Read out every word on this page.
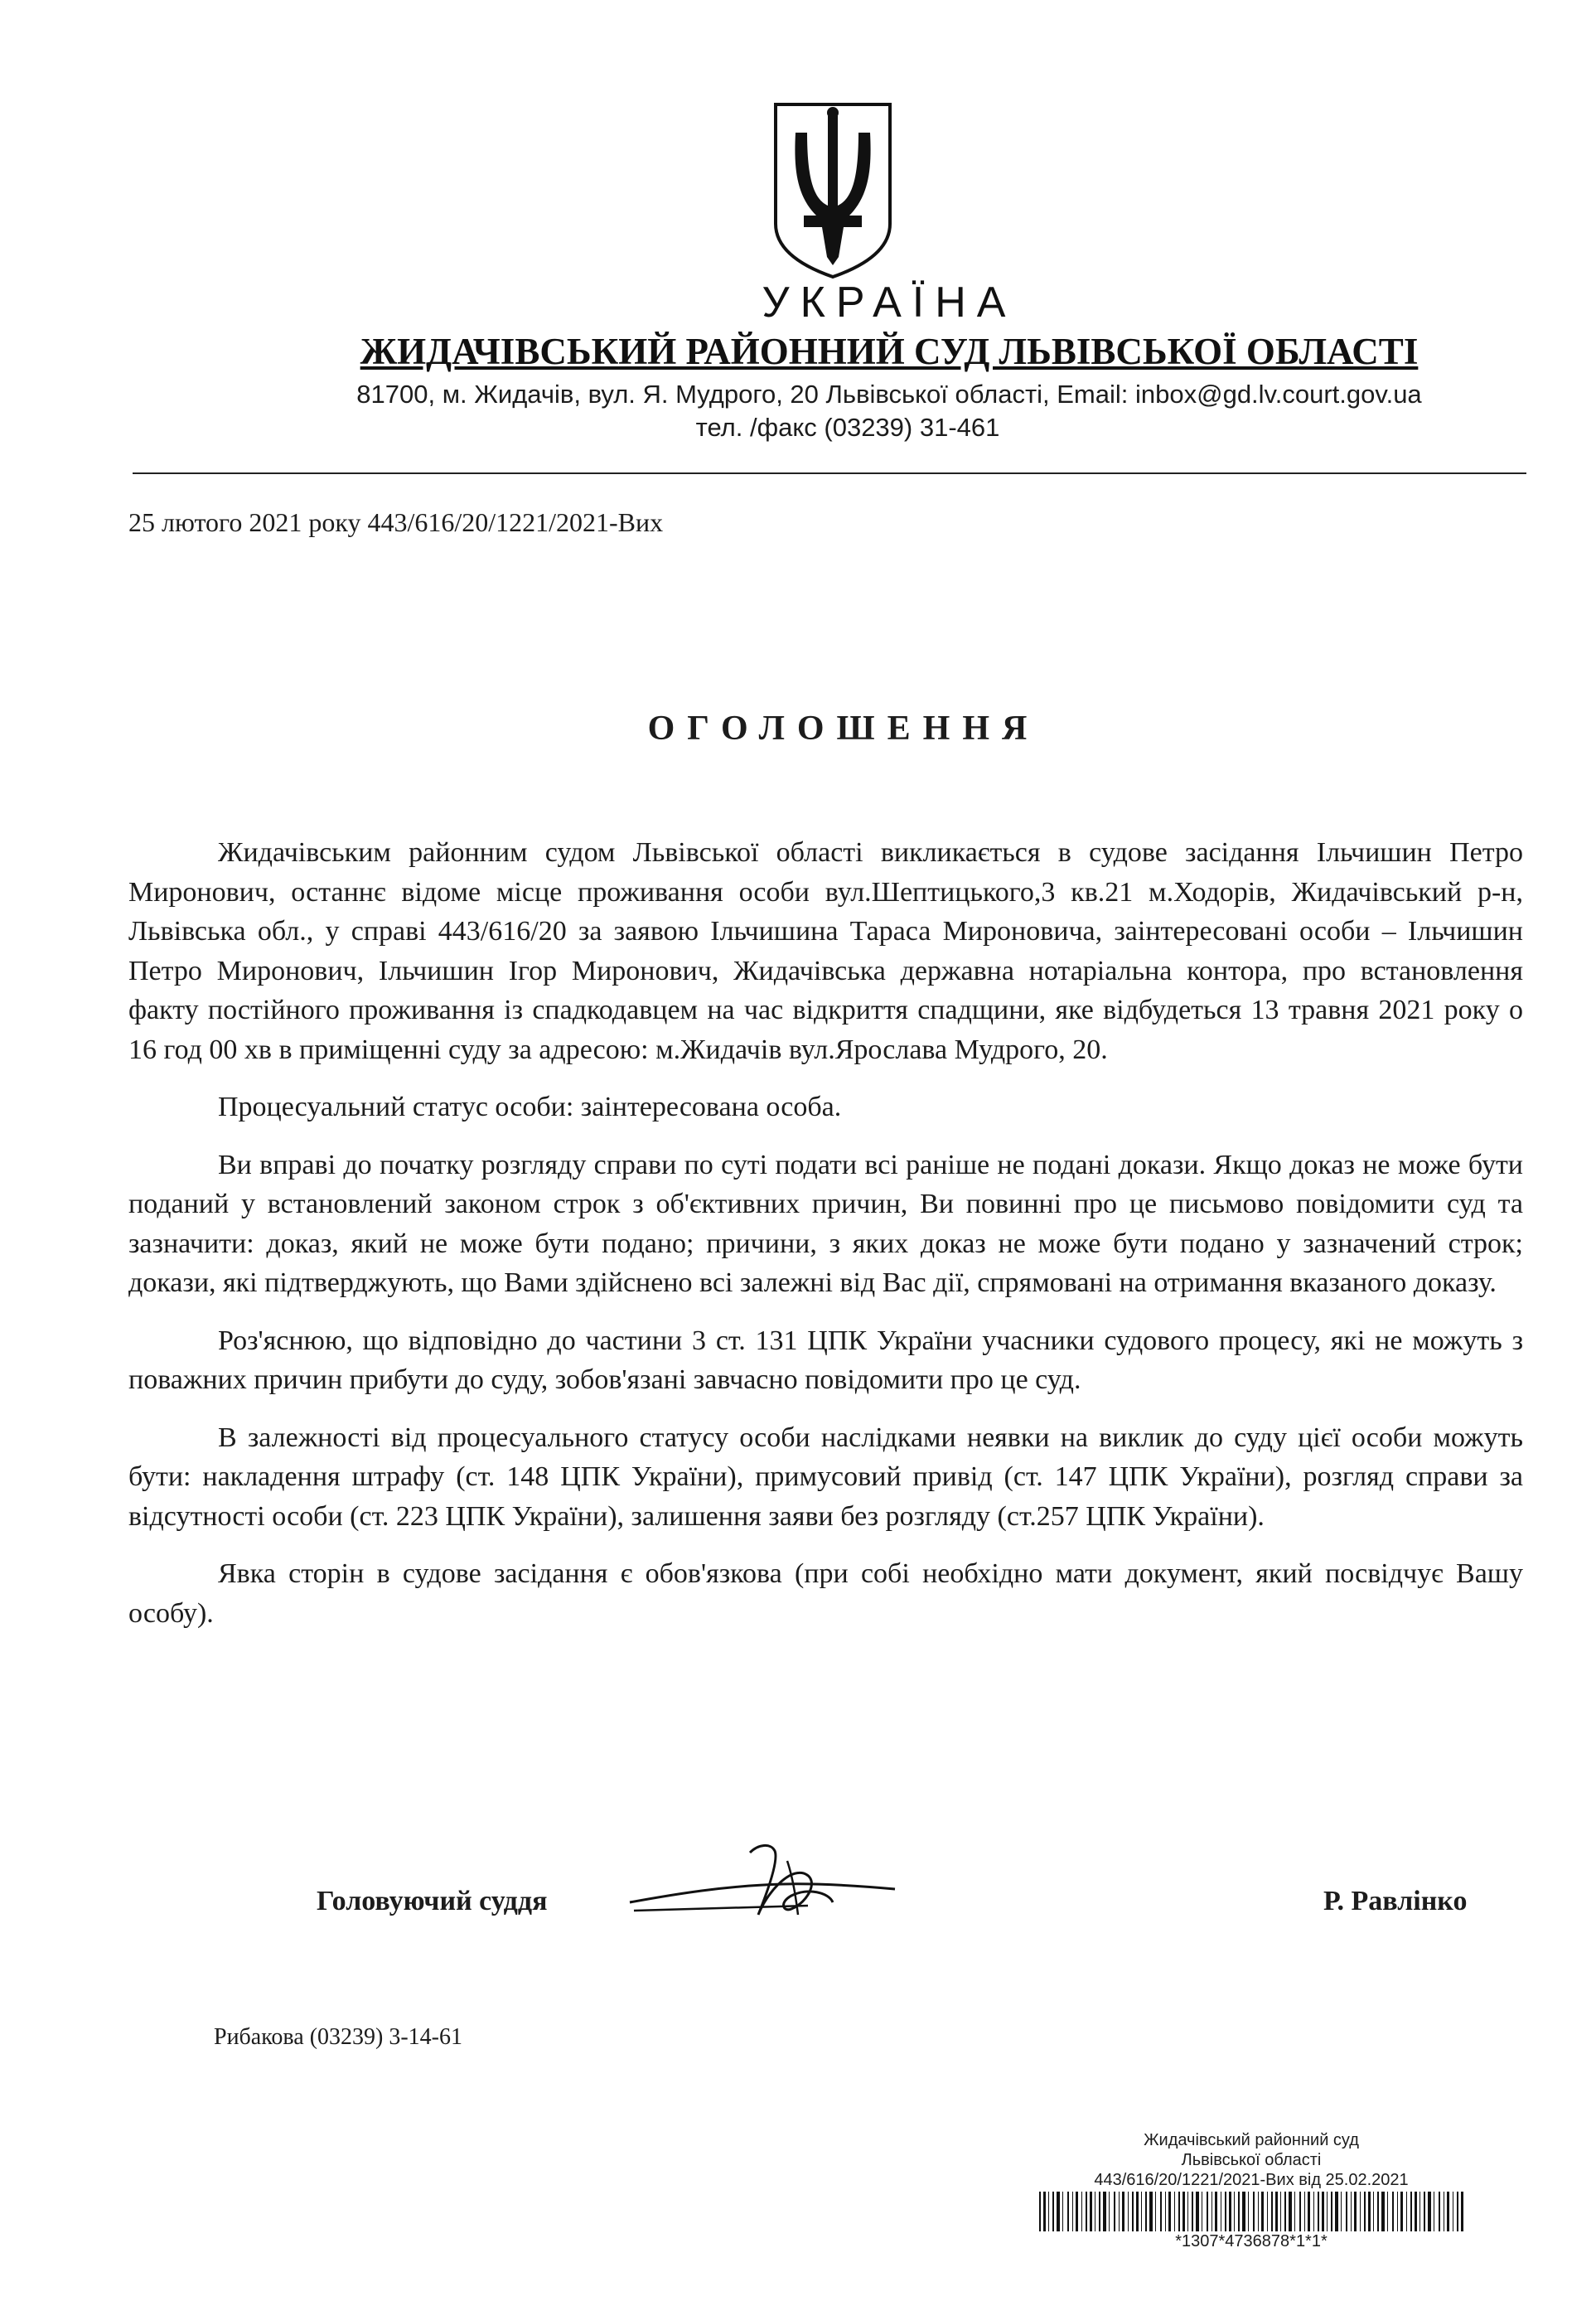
УКРАЇНА
ЖИДАЧІВСЬКИЙ РАЙОННИЙ СУД ЛЬВІВСЬКОЇ ОБЛАСТІ
81700, м. Жидачів, вул. Я. Мудрого, 20 Львівської області, Email: inbox@gd.lv.court.gov.ua
тел. /факс (03239) 31-461
25 лютого 2021 року 443/616/20/1221/2021-Вих
ОГОЛОШЕННЯ

Жидачівським районним судом Львівської області викликається в судове засідання Ільчишин Петро Миронович, останнє відоме місце проживання особи вул.Шептицького,3 кв.21 м.Ходорів, Жидачівський р-н, Львівська обл., у справі 443/616/20 за заявою Ільчишина Тараса Мироновича, заінтересовані особи – Ільчишин Петро Миронович, Ільчишин Ігор Миронович, Жидачівська державна нотаріальна контора, про встановлення факту постійного проживання із спадкодавцем на час відкриття спадщини, яке відбудеться 13 травня 2021 року о 16 год 00 хв в приміщенні суду за адресою: м.Жидачів вул.Ярослава Мудрого, 20.

Процесуальний статус особи: заінтересована особа.

Ви вправі до початку розгляду справи по суті подати всі раніше не подані докази. Якщо доказ не може бути поданий у встановлений законом строк з об'єктивних причин, Ви повинні про це письмово повідомити суд та зазначити: доказ, який не може бути подано; причини, з яких доказ не може бути подано у зазначений строк; докази, які підтверджують, що Вами здійснено всі залежні від Вас дії, спрямовані на отримання вказаного доказу.

Роз'яснюю, що відповідно до частини 3 ст. 131 ЦПК України учасники судового процесу, які не можуть з поважних причин прибути до суду, зобов'язані завчасно повідомити про це суд.

В залежності від процесуального статусу особи наслідками неявки на виклик до суду цієї особи можуть бути: накладення штрафу (ст. 148 ЦПК України), примусовий привід (ст. 147 ЦПК України), розгляд справи за відсутності особи (ст. 223 ЦПК України), залишення заяви без розгляду (ст.257 ЦПК України).

Явка сторін в судове засідання є обов'язкова (при собі необхідно мати документ, який посвідчує Вашу особу).

Головуючий суддя	Р. Равлінко
Рибакова (03239) 3-14-61
Жидачівський районний суд
Львівської області
443/616/20/1221/2021-Вих від 25.02.2021
*1307*4736878*1*1*
